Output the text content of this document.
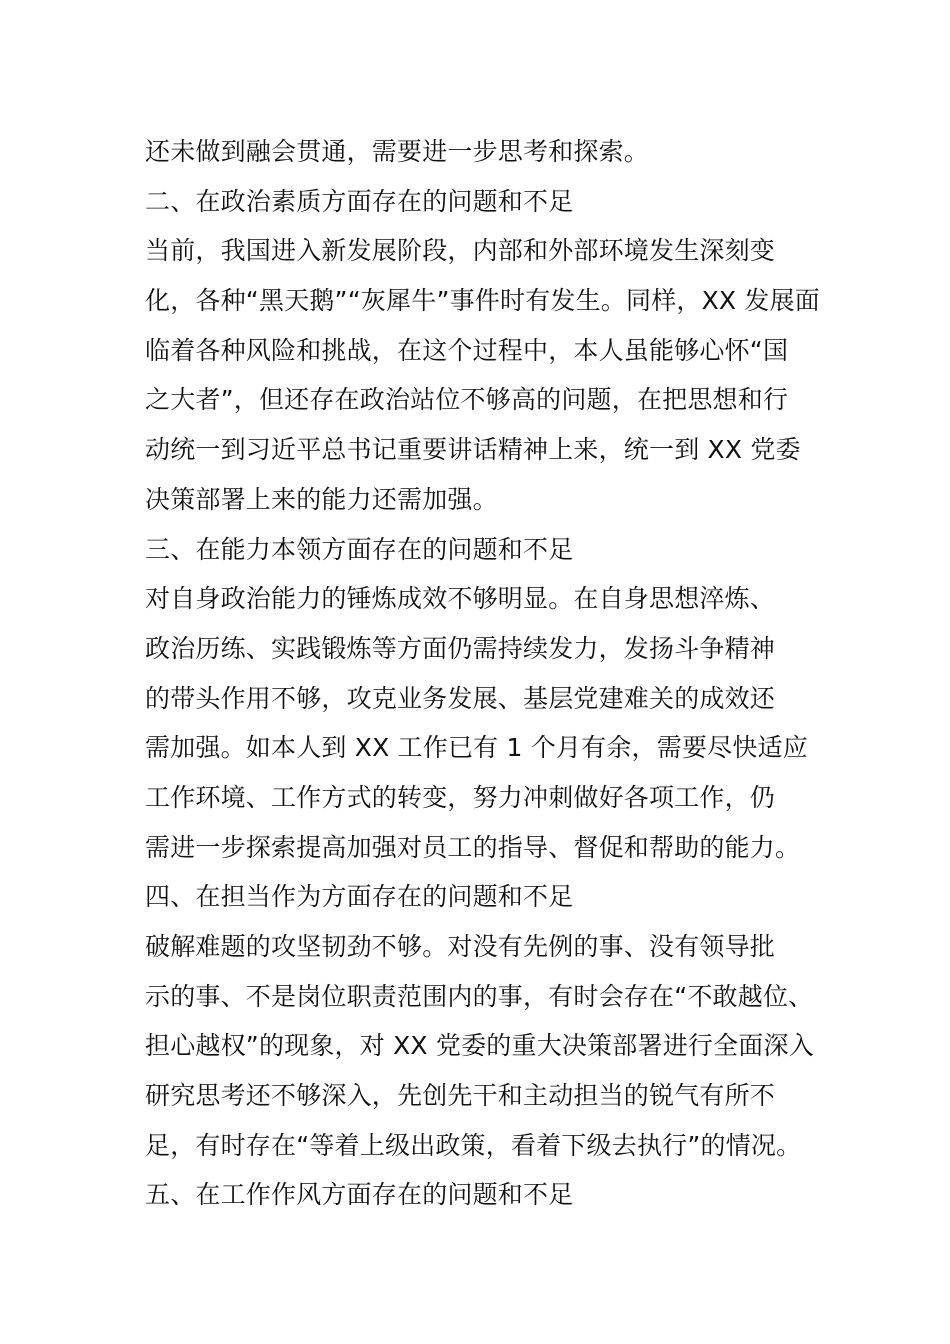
还未做到融会贯通，需要进一步思考和探索。
二、在政治素质方面存在的问题和不足
当前，我国进入新发展阶段，内部和外部环境发生深刻变
化，各种“黑天鹅”“灰犀牛”事件时有发生。同样，XX 发展面
临着各种风险和挑战，在这个过程中，本人虽能够心怀“国
之大者”，但还存在政治站位不够高的问题，在把思想和行
动统一到习近平总书记重要讲话精神上来，统一到 XX 党委
决策部署上来的能力还需加强。
三、在能力本领方面存在的问题和不足
对自身政治能力的锤炼成效不够明显。在自身思想淬炼、
政治历练、实践锻炼等方面仍需持续发力，发扬斗争精神
的带头作用不够，攻克业务发展、基层党建难关的成效还
需加强。如本人到 XX 工作已有 1 个月有余，需要尽快适应
工作环境、工作方式的转变，努力冲刺做好各项工作，仍
需进一步探索提高加强对员工的指导、督促和帮助的能力。
四、在担当作为方面存在的问题和不足
破解难题的攻坚韧劲不够。对没有先例的事、没有领导批
示的事、不是岗位职责范围内的事，有时会存在“不敢越位、
担心越权”的现象，对 XX 党委的重大决策部署进行全面深入
研究思考还不够深入，先创先干和主动担当的锐气有所不
足，有时存在“等着上级出政策，看着下级去执行”的情况。
五、在工作作风方面存在的问题和不足
